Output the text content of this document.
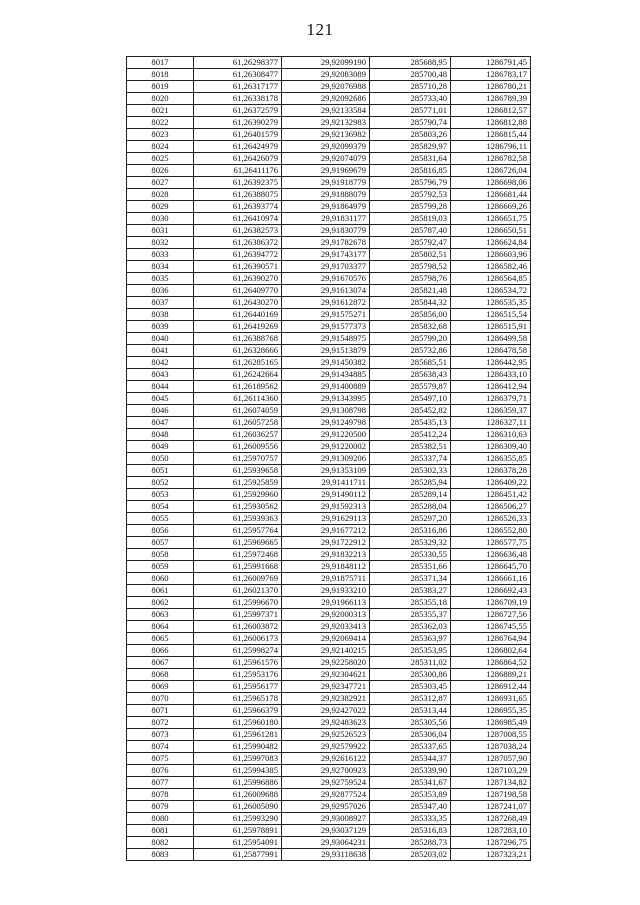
121
8017	61,26298377	29,92099190	285688,95	1286791,45
8018	61,26308477	29,92083089	285700,48	1286783,17
8019	61,26317177	29,92076988	285710,28	1286780,21
8020	61,26338178	29,92092686	285733,40	1286789,39
8021	61,26372579	29,92133584	285771,01	1286812,57
8022	61,26390279	29,92132983	285790,74	1286812,88
8023	61,26401579	29,92136982	285803,26	1286815,44
8024	61,26424979	29,92099379	285829,97	1286796,11
8025	61,26426079	29,92074079	285831,64	1286782,58
8026	61,26411176	29,91969679	285816,85	1286726,04
8027	61,26392375	29,91918779	285796,79	1286698,06
8028	61,26388075	29,91888079	285792,53	1286681,44
8029	61,26393774	29,91864979	285799,28	1286669,26
8030	61,26410974	29,91831177	285819,03	1286651,75
8031	61,26382573	29,91830779	285787,40	1286650,51
8032	61,26386372	29,91782678	285792,47	1286624,84
8033	61,26394772	29,91743177	285802,51	1286603,96
8034	61,26390571	29,91703377	285798,52	1286582,46
8035	61,26390270	29,91670576	285798,76	1286564,85
8036	61,26409770	29,91613074	285821,48	1286534,72
8037	61,26430270	29,91612872	285844,32	1286535,35
8038	61,26440169	29,91575271	285856,00	1286515,54
8039	61,26419269	29,91577373	285832,68	1286515,91
8040	61,26388768	29,91548975	285799,20	1286499,58
8041	61,26328666	29,91513879	285732,86	1286478,58
8042	61,26285165	29,91450382	285685,51	1286442,95
8043	61,26242664	29,91434885	285638,43	1286433,10
8044	61,26189562	29,91400889	285579,87	1286412,94
8045	61,26114360	29,91343995	285497,10	1286379,71
8046	61,26074059	29,91308798	285452,82	1286359,37
8047	61,26057258	29,91249798	285435,13	1286327,11
8048	61,26036257	29,91220500	285412,24	1286310,63
8049	61,26009556	29,91220002	285382,51	1286309,40
8050	61,25970757	29,91309206	285337,74	1286355,85
8051	61,25939658	29,91353109	285302,33	1286378,28
8052	61,25925859	29,91411711	285285,94	1286409,22
8053	61,25929960	29,91490112	285289,14	1286451,42
8054	61,25930562	29,91592313	285288,04	1286506,27
8055	61,25939363	29,91629113	285297,20	1286526,33
8056	61,25957764	29,91677212	285316,86	1286552,80
8057	61,25969665	29,91722912	285329,32	1286577,75
8058	61,25972468	29,91832213	285330,55	1286636,48
8059	61,25991668	29,91848112	285351,66	1286645,70
8060	61,26009769	29,91875711	285371,34	1286661,16
8061	61,26021370	29,91933210	285383,27	1286692,43
8062	61,25996670	29,91966113	285355,18	1286709,19
8063	61,25997371	29,92000313	285355,37	1286727,56
8064	61,26003872	29,92033413	285362,03	1286745,55
8065	61,26006173	29,92069414	285363,97	1286764,94
8066	61,25998274	29,92140215	285353,95	1286802,64
8067	61,25961576	29,92258020	285311,02	1286864,52
8068	61,25953176	29,92304621	285300,86	1286889,21
8069	61,25956177	29,92347721	285303,45	1286912,44
8070	61,25965178	29,92382921	285312,87	1286931,65
8071	61,25966379	29,92427022	285313,44	1286955,35
8072	61,25960180	29,92483623	285305,56	1286985,49
8073	61,25961281	29,92526523	285306,04	1287008,55
8074	61,25990482	29,92579922	285337,65	1287038,24
8075	61,25997083	29,92616122	285344,37	1287057,90
8076	61,25994385	29,92700923	285339,90	1287103,29
8077	61,25996886	29,92759524	285341,67	1287134,82
8078	61,26009688	29,92877524	285353,89	1287198,58
8079	61,26005090	29,92957026	285347,40	1287241,07
8080	61,25993290	29,93008927	285333,35	1287268,49
8081	61,25978891	29,93037129	285316,83	1287283,10
8082	61,25954091	29,93064231	285288,73	1287296,75
8083	61,25877991	29,93118638	285203,02	1287323,21
